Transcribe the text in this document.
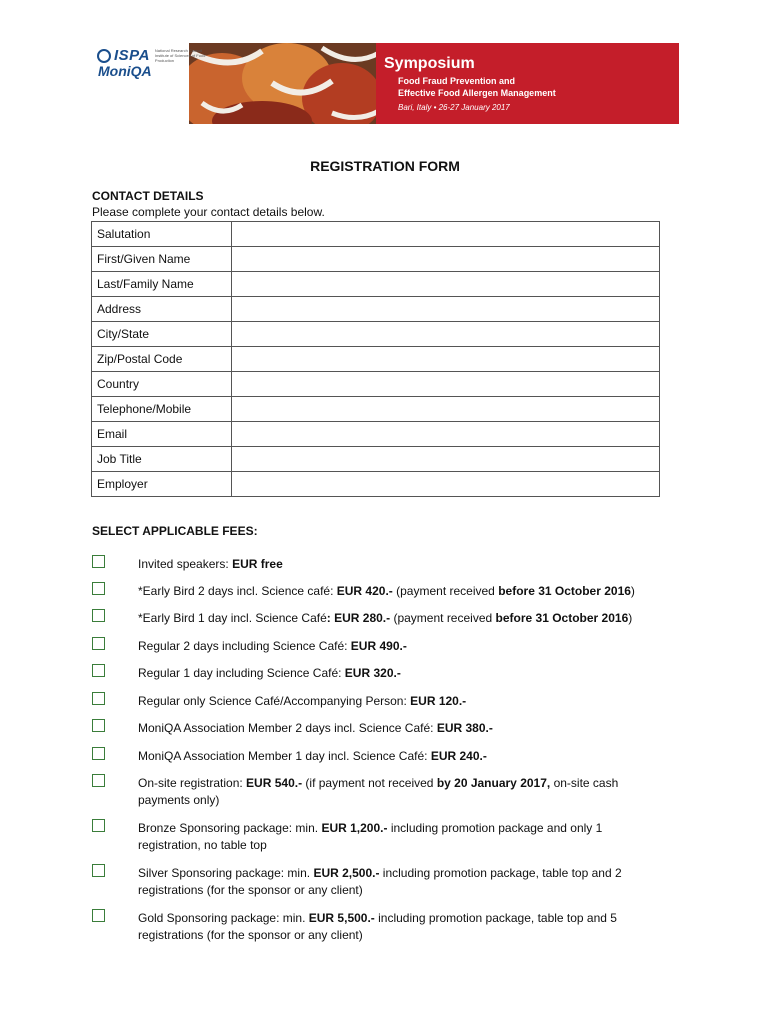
ISPA National Research Council Institute of Sciences of Food Production
MoniQA	Symposium
Food Fraud Prevention and
Effective Food Allergen Management
Bari, Italy • 26-27 January 2017
REGISTRATION FORM
CONTACT DETAILS
Please complete your contact details below.
Salutation	
First/Given Name	
Last/Family Name	
Address	
City/State	
Zip/Postal Code	
Country	
Telephone/Mobile	
Email	
Job Title	
Employer	
SELECT APPLICABLE FEES:
Invited speakers: EUR free
*Early Bird 2 days incl. Science café: EUR 420.- (payment received before 31 October 2016)
*Early Bird 1 day incl. Science Café: EUR 280.- (payment received before 31 October 2016)
Regular 2 days including Science Café: EUR 490.-
Regular 1 day including Science Café: EUR 320.-
Regular only Science Café/Accompanying Person: EUR 120.-
MoniQA Association Member 2 days incl. Science Café: EUR 380.-
MoniQA Association Member 1 day incl. Science Café: EUR 240.-
On-site registration: EUR 540.- (if payment not received by 20 January 2017, on-site cash payments only)
Bronze Sponsoring package: min. EUR 1,200.- including promotion package and only 1 registration, no table top
Silver Sponsoring package: min. EUR 2,500.- including promotion package, table top and 2 registrations (for the sponsor or any client)
Gold Sponsoring package: min. EUR 5,500.- including promotion package, table top and 5 registrations (for the sponsor or any client)
